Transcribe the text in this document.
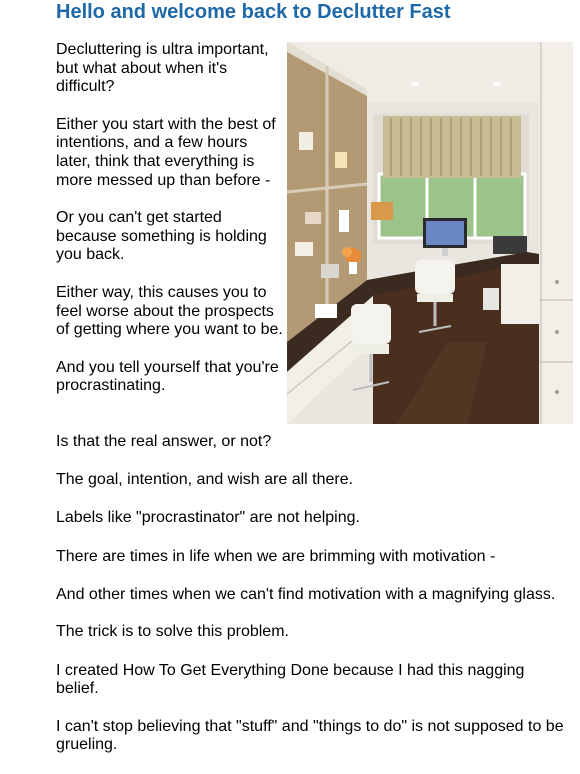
Hello and welcome back to Declutter Fast

Decluttering is ultra important, but what about when it's difficult?

Either you start with the best of intentions, and a few hours later, think that everything is more messed up than before -

Or you can't get started because something is holding you back.

Either way, this causes you to feel worse about the prospects of getting where you want to be.

And you tell yourself that you're procrastinating.

Is that the real answer, or not?

The goal, intention, and wish are all there.

Labels like "procrastinator" are not helping.

There are times in life when we are brimming with motivation -

And other times when we can't find motivation with a magnifying glass.

The trick is to solve this problem.

I created How To Get Everything Done because I had this nagging belief.

I can't stop believing that "stuff" and "things to do" is not supposed to be grueling.
